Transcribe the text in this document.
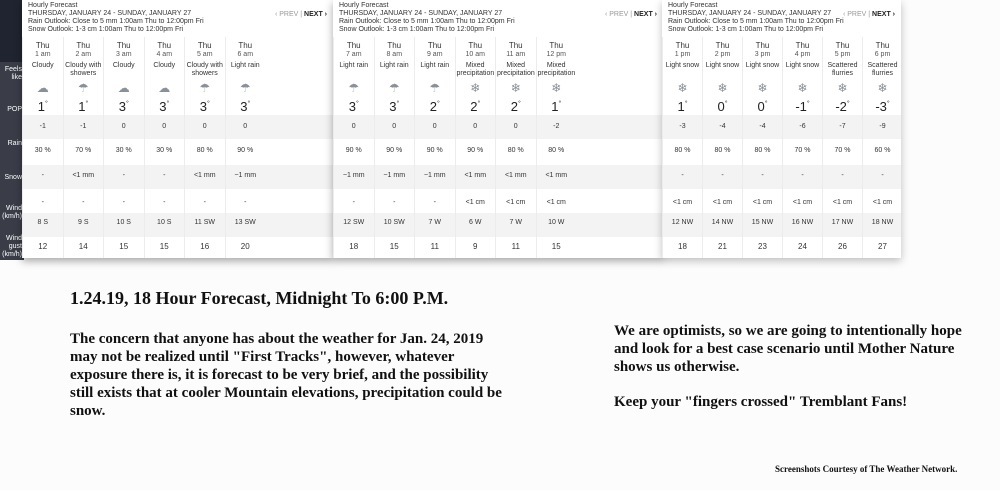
Feels like
POP
Rain
Snow
Wind (km/h)
Wind gust (km/h)
Hourly Forecast
THURSDAY, JANUARY 24 - SUNDAY, JANUARY 27
Rain Outlook: Close to 5 mm 1:00am Thu to 12:00pm Fri
Snow Outlook: 1-3 cm 1:00am Thu to 12:00pm Fri
‹ PREV | NEXT ›
Thu
1 am
Cloudy
☁
1°
-1
30 %
-
-
8 S
12
Thu
2 am
Cloudy with showers
☂
1°
-1
70 %
<1 mm
-
9 S
14
Thu
3 am
Cloudy
☁
3°
0
30 %
-
-
10 S
15
Thu
4 am
Cloudy
☁
3°
0
30 %
-
-
10 S
15
Thu
5 am
Cloudy with showers
☂
3°
0
80 %
<1 mm
-
11 SW
16
Thu
6 am
Light rain
☂
3°
0
90 %
~1 mm
-
13 SW
20
Hourly Forecast
THURSDAY, JANUARY 24 - SUNDAY, JANUARY 27
Rain Outlook: Close to 5 mm 1:00am Thu to 12:00pm Fri
Snow Outlook: 1-3 cm 1:00am Thu to 12:00pm Fri
‹ PREV | NEXT ›
Thu
7 am
Light rain
☂
3°
0
90 %
~1 mm
-
12 SW
18
Thu
8 am
Light rain
☂
3°
0
90 %
~1 mm
-
10 SW
15
Thu
9 am
Light rain
☂
2°
0
90 %
~1 mm
-
7 W
11
Thu
10 am
Mixed precipitation
❄
2°
0
90 %
<1 mm
<1 cm
6 W
9
Thu
11 am
Mixed precipitation
❄
2°
0
80 %
<1 mm
<1 cm
7 W
11
Thu
12 pm
Mixed precipitation
❄
1°
-2
80 %
<1 mm
<1 cm
10 W
15
Hourly Forecast
THURSDAY, JANUARY 24 - SUNDAY, JANUARY 27
Rain Outlook: Close to 5 mm 1:00am Thu to 12:00pm Fri
Snow Outlook: 1-3 cm 1:00am Thu to 12:00pm Fri
‹ PREV | NEXT ›
Thu
1 pm
Light snow
❄
1°
-3
80 %
-
<1 cm
12 NW
18
Thu
2 pm
Light snow
❄
0°
-4
80 %
-
<1 cm
14 NW
21
Thu
3 pm
Light snow
❄
0°
-4
80 %
-
<1 cm
15 NW
23
Thu
4 pm
Light snow
❄
-1°
-6
70 %
-
<1 cm
16 NW
24
Thu
5 pm
Scattered flurries
❄
-2°
-7
70 %
-
<1 cm
17 NW
26
Thu
6 pm
Scattered flurries
❄
-3°
-9
60 %
-
<1 cm
18 NW
27
1.24.19, 18 Hour Forecast, Midnight To 6:00 P.M.
The concern that anyone has about the weather for Jan. 24, 2019 may not be realized until "First Tracks", however, whatever exposure there is, it is forecast to be very brief, and the possibility still exists that at cooler Mountain elevations, precipitation could be snow.
We are optimists, so we are going to intentionally hope and look for a best case scenario until Mother Nature shows us otherwise.
Keep your "fingers crossed" Tremblant Fans!
Screenshots Courtesy of The Weather Network.
